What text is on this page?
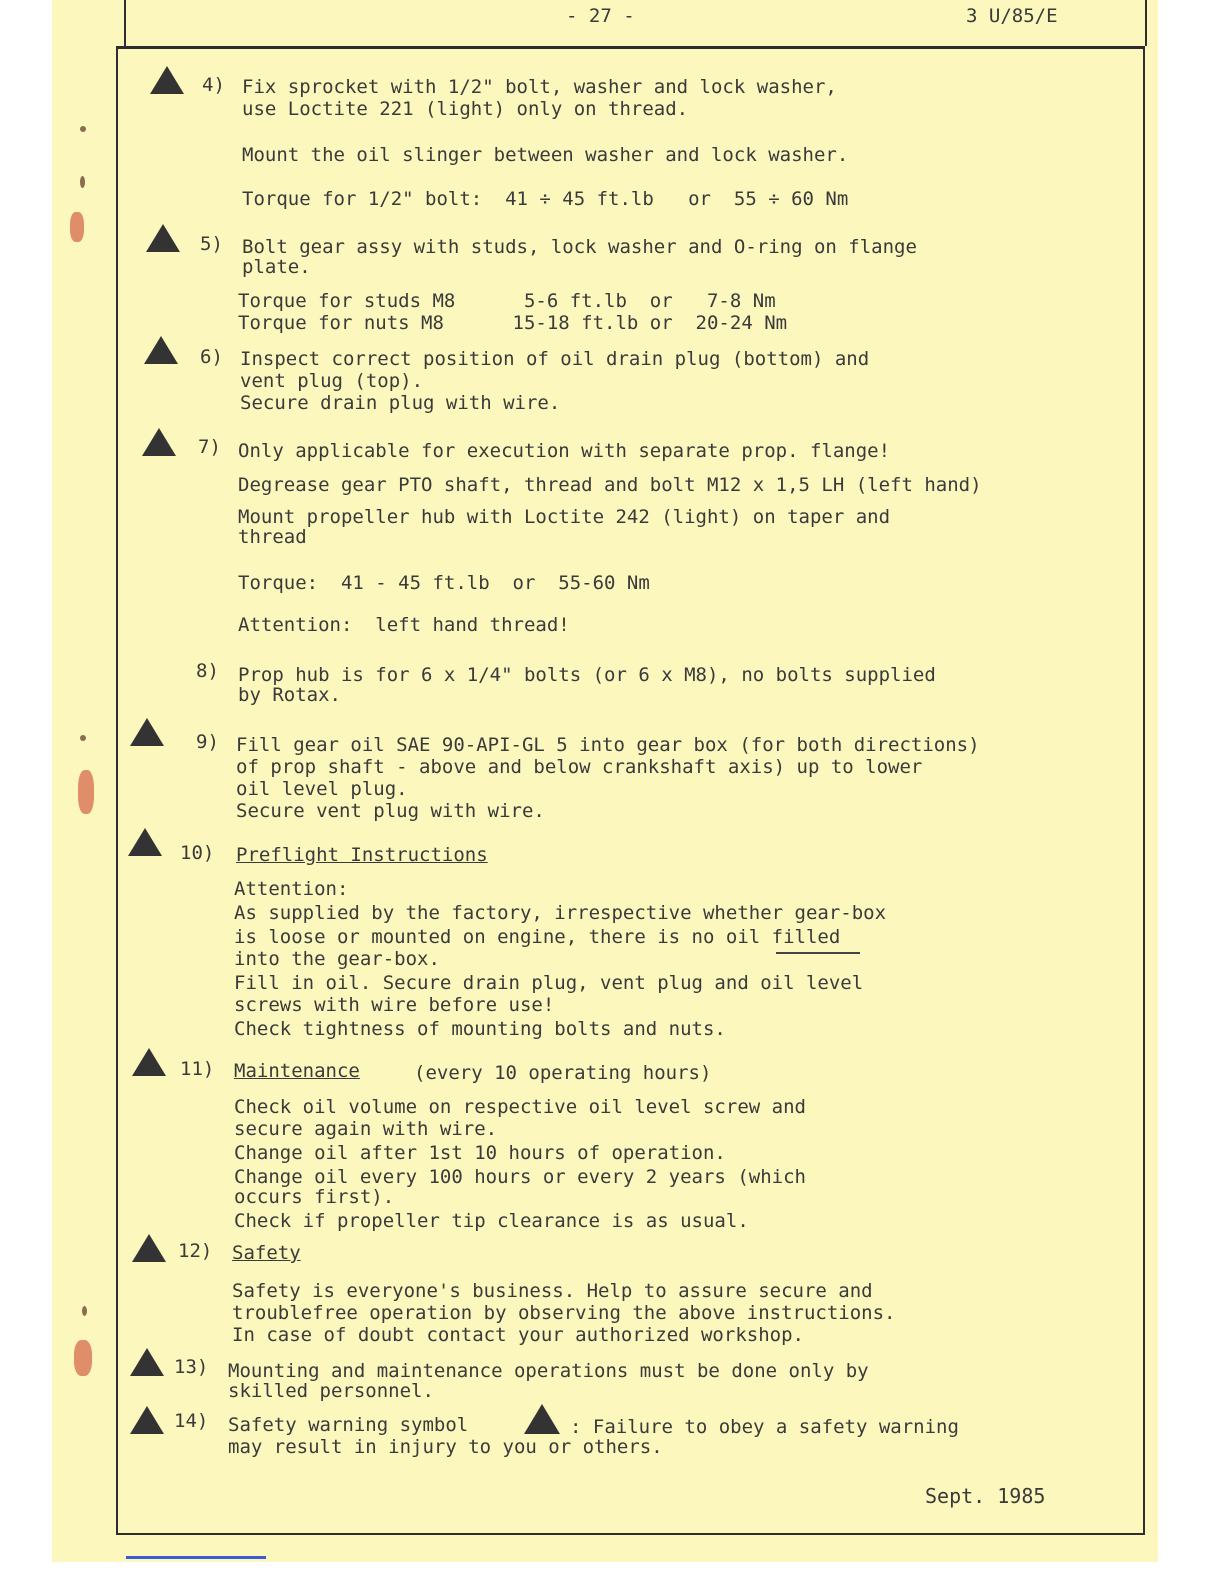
- 27 -	3 U/85/E
4) Fix sprocket with 1/2" bolt, washer and lock washer,
use Loctite 221 (light) only on thread.
Mount the oil slinger between washer and lock washer.
Torque for 1/2" bolt:  41 ÷ 45 ft.lb   or  55 ÷ 60 Nm
5) Bolt gear assy with studs, lock washer and O-ring on flange
plate.
Torque for studs M8      5-6 ft.lb  or   7-8 Nm
Torque for nuts M8      15-18 ft.lb or  20-24 Nm
6) Inspect correct position of oil drain plug (bottom) and
vent plug (top).
Secure drain plug with wire.
7) Only applicable for execution with separate prop. flange!
Degrease gear PTO shaft, thread and bolt M12 x 1,5 LH (left hand)
Mount propeller hub with Loctite 242 (light) on taper and
thread
Torque:  41 - 45 ft.lb  or  55-60 Nm
Attention:  left hand thread!
8) Prop hub is for 6 x 1/4" bolts (or 6 x M8), no bolts supplied
by Rotax.
9) Fill gear oil SAE 90-API-GL 5 into gear box (for both directions)
of prop shaft - above and below crankshaft axis) up to lower
oil level plug.
Secure vent plug with wire.
10) Preflight Instructions
Attention:
As supplied by the factory, irrespective whether gear-box
is loose or mounted on engine, there is no oil filled
into the gear-box.
Fill in oil. Secure drain plug, vent plug and oil level
screws with wire before use!
Check tightness of mounting bolts and nuts.
11) Maintenance	(every 10 operating hours)
Check oil volume on respective oil level screw and
secure again with wire.
Change oil after 1st 10 hours of operation.
Change oil every 100 hours or every 2 years (which
occurs first).
Check if propeller tip clearance is as usual.
12) Safety
Safety is everyone's business. Help to assure secure and
troublefree operation by observing the above instructions.
In case of doubt contact your authorized workshop.
13) Mounting and maintenance operations must be done only by
skilled personnel.
14) Safety warning symbol	: Failure to obey a safety warning
may result in injury to you or others.
Sept. 1985
